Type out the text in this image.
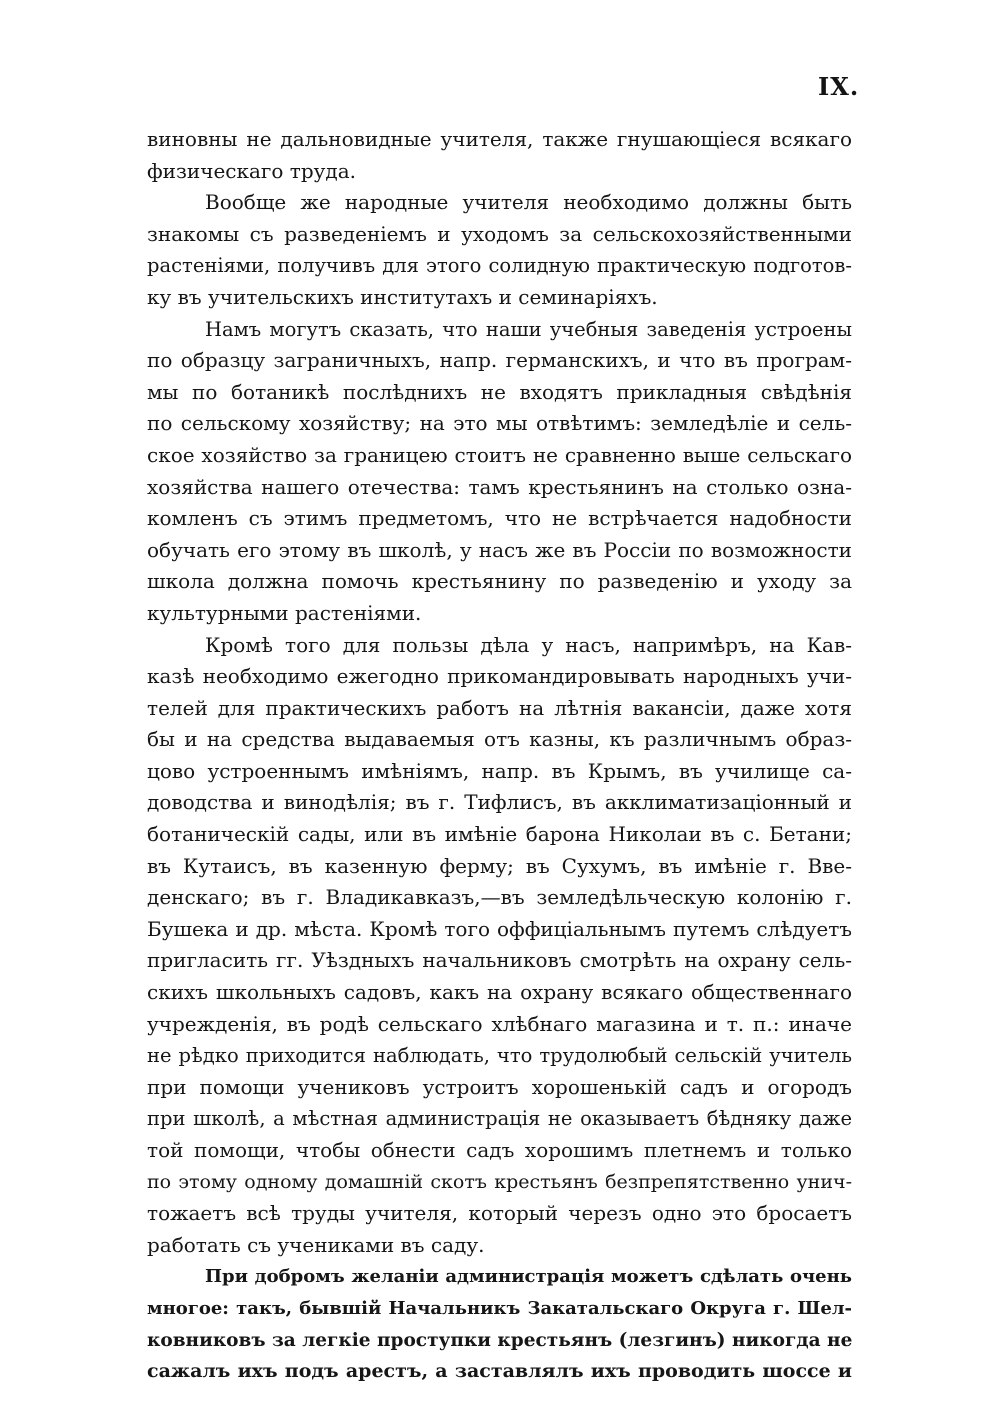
IX.
виновны не дальновидные учителя, также гнушающіеся всякаго
физическаго труда.
Вообще же народные учителя необходимо должны быть
знакомы съ разведеніемъ и уходомъ за сельскохозяйственными
растеніями, получивъ для этого солидную практическую подготов-
ку въ учительскихъ институтахъ и семинаріяхъ.
Намъ могутъ сказать, что наши учебныя заведенія устроены
по образцу заграничныхъ, напр. германскихъ, и что въ програм-
мы по ботаникѣ послѣднихъ не входятъ прикладныя свѣдѣнія
по сельскому хозяйству; на это мы отвѣтимъ: земледѣліе и сель-
ское хозяйство за границею стоитъ не сравненно выше сельскаго
хозяйства нашего отечества: тамъ крестьянинъ на столько озна-
комленъ съ этимъ предметомъ, что не встрѣчается надобности
обучать его этому въ школѣ, у насъ же въ Россіи по возможности
школа должна помочь крестьянину по разведенію и уходу за
культурными растеніями.
Кромѣ того для пользы дѣла у насъ, напримѣръ, на Кав-
казѣ необходимо ежегодно прикомандировывать народныхъ учи-
телей для практическихъ работъ на лѣтнія вакансіи, даже хотя
бы и на средства выдаваемыя отъ казны, къ различнымъ образ-
цово устроеннымъ имѣніямъ, напр. въ Крымъ, въ училище са-
доводства и винодѣлія; въ г. Тифлисъ, въ акклиматизаціонный и
ботаническій сады, или въ имѣніе барона Николаи въ с. Бетани;
въ Кутаисъ, въ казенную ферму; въ Сухумъ, въ имѣніе г. Вве-
денскаго; въ г. Владикавказъ,—въ земледѣльческую колонію г.
Бушека и др. мѣста. Кромѣ того оффиціальнымъ путемъ слѣдуетъ
пригласить гг. Уѣздныхъ начальниковъ смотрѣть на охрану сель-
скихъ школьныхъ садовъ, какъ на охрану всякаго общественнаго
учрежденія, въ родѣ сельскаго хлѣбнаго магазина и т. п.: иначе
не рѣдко приходится наблюдать, что трудолюбый сельскій учитель
при помощи учениковъ устроитъ хорошенькій садъ и огородъ
при школѣ, а мѣстная администрація не оказываетъ бѣдняку даже
той помощи, чтобы обнести садъ хорошимъ плетнемъ и только
по этому одному домашній скотъ крестьянъ безпрепятственно унич-
тожаетъ всѣ труды учителя, который черезъ одно это бросаетъ
работать съ учениками въ саду.
При добромъ желаніи администрація можетъ сдѣлать очень
многое: такъ, бывшій Начальникъ Закатальскаго Округа г. Шел-
ковниковъ за легкіе проступки крестьянъ (лезгинъ) никогда не
сажалъ ихъ подъ арестъ, а заставлялъ ихъ проводить шоссе и
